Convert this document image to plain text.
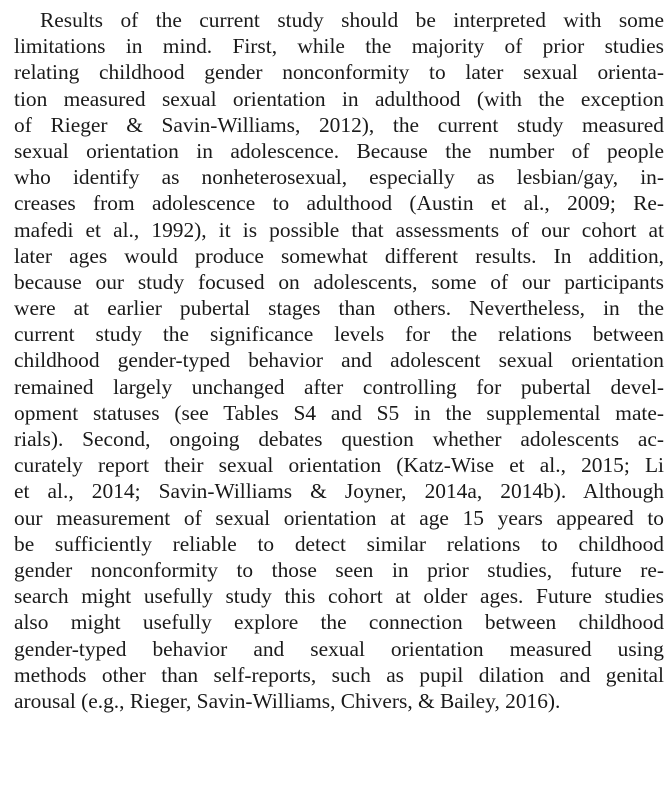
Results of the current study should be interpreted with some
limitations in mind. First, while the majority of prior studies
relating childhood gender nonconformity to later sexual orienta-
tion measured sexual orientation in adulthood (with the exception
of Rieger & Savin-Williams, 2012), the current study measured
sexual orientation in adolescence. Because the number of people
who identify as nonheterosexual, especially as lesbian/gay, in-
creases from adolescence to adulthood (Austin et al., 2009; Re-
mafedi et al., 1992), it is possible that assessments of our cohort at
later ages would produce somewhat different results. In addition,
because our study focused on adolescents, some of our participants
were at earlier pubertal stages than others. Nevertheless, in the
current study the significance levels for the relations between
childhood gender-typed behavior and adolescent sexual orientation
remained largely unchanged after controlling for pubertal devel-
opment statuses (see Tables S4 and S5 in the supplemental mate-
rials). Second, ongoing debates question whether adolescents ac-
curately report their sexual orientation (Katz-Wise et al., 2015; Li
et al., 2014; Savin-Williams & Joyner, 2014a, 2014b). Although
our measurement of sexual orientation at age 15 years appeared to
be sufficiently reliable to detect similar relations to childhood
gender nonconformity to those seen in prior studies, future re-
search might usefully study this cohort at older ages. Future studies
also might usefully explore the connection between childhood
gender-typed behavior and sexual orientation measured using
methods other than self-reports, such as pupil dilation and genital
arousal (e.g., Rieger, Savin-Williams, Chivers, & Bailey, 2016).
